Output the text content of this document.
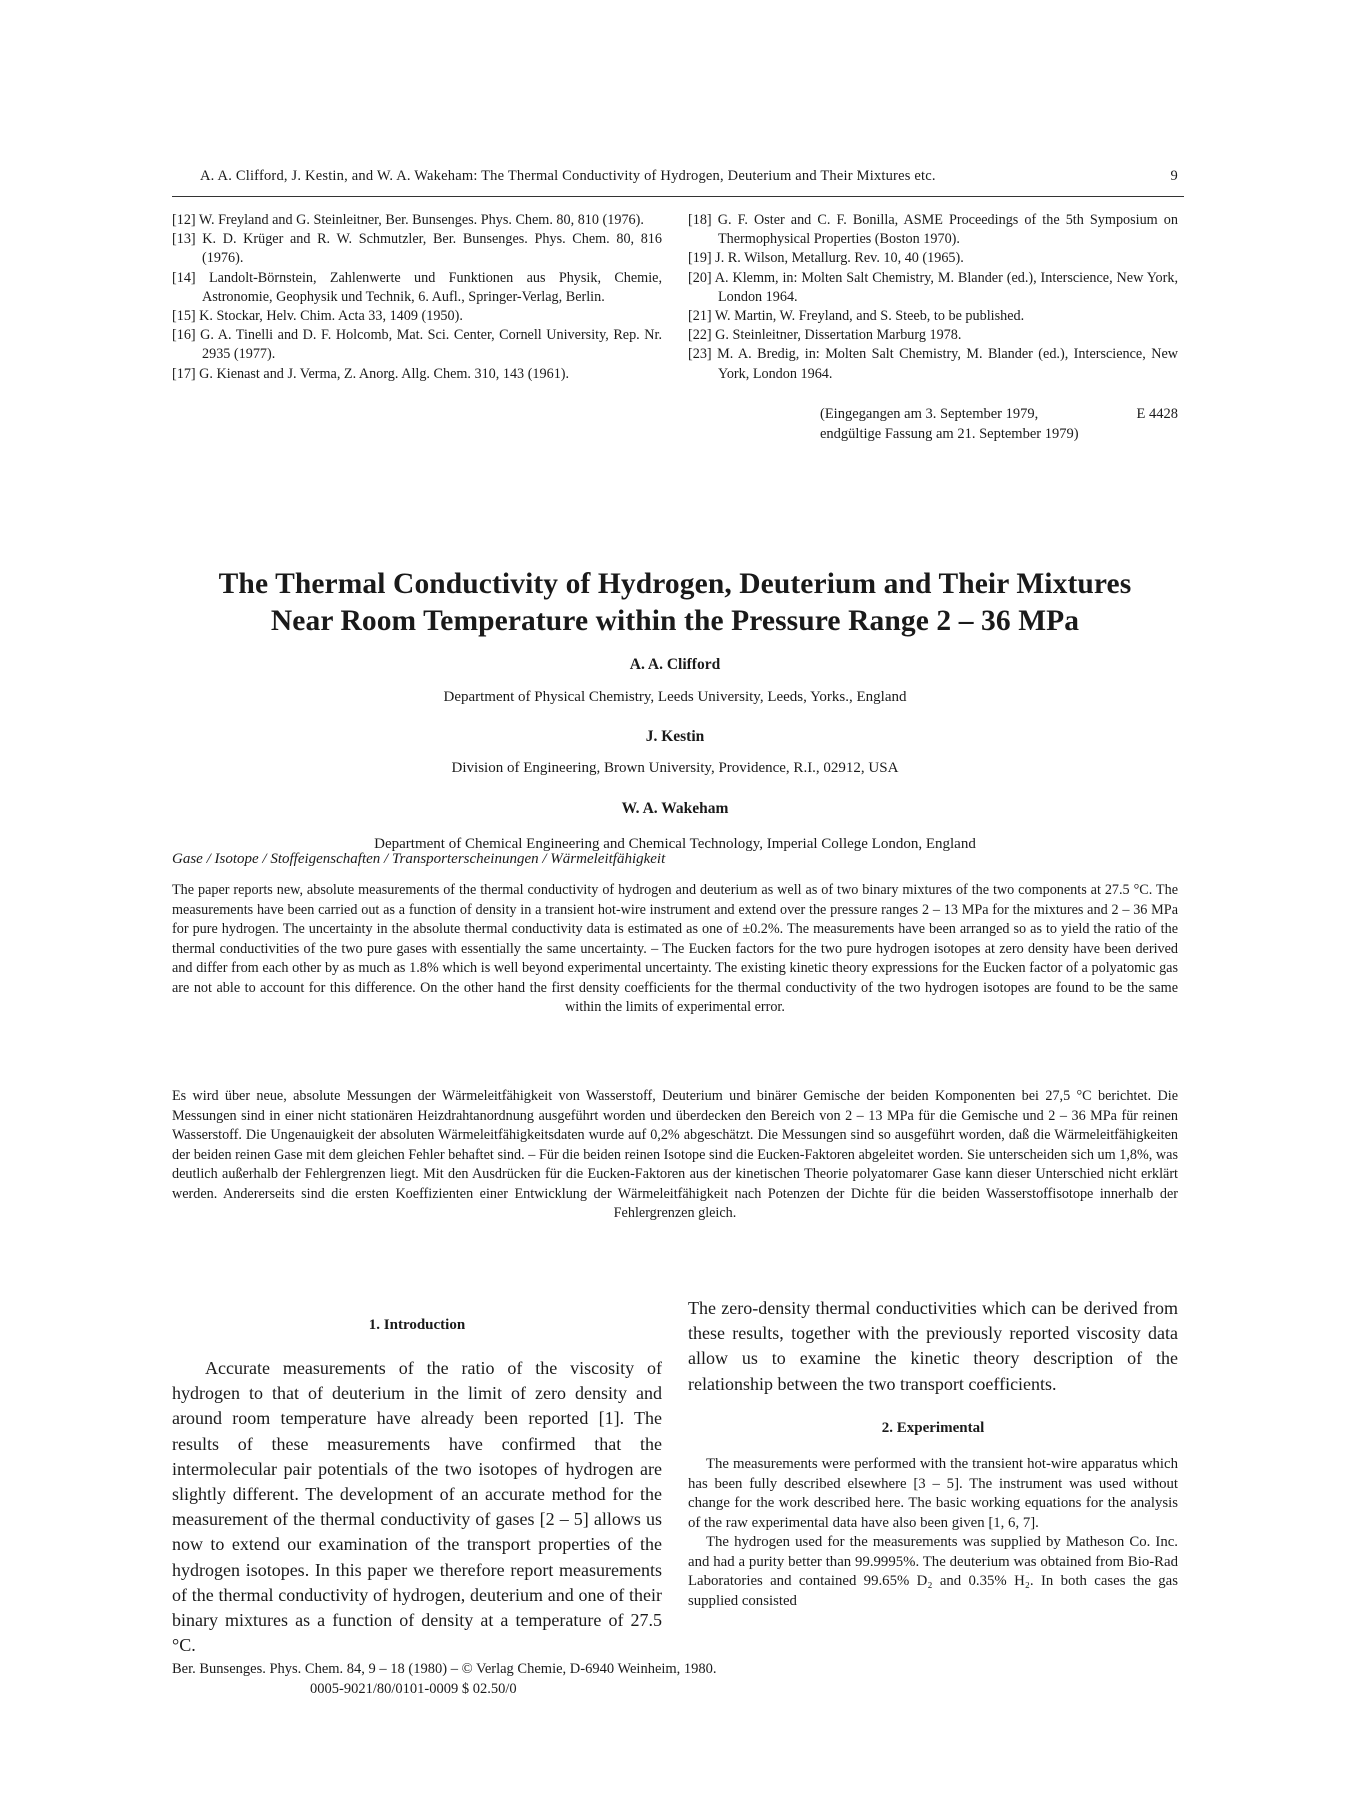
A. A. Clifford, J. Kestin, and W. A. Wakeham: The Thermal Conductivity of Hydrogen, Deuterium and Their Mixtures etc.	9
[12] W. Freyland and G. Steinleitner, Ber. Bunsenges. Phys. Chem. 80, 810 (1976).
[13] K. D. Krüger and R. W. Schmutzler, Ber. Bunsenges. Phys. Chem. 80, 816 (1976).
[14] Landolt-Börnstein, Zahlenwerte und Funktionen aus Physik, Chemie, Astronomie, Geophysik und Technik, 6. Aufl., Springer-Verlag, Berlin.
[15] K. Stockar, Helv. Chim. Acta 33, 1409 (1950).
[16] G. A. Tinelli and D. F. Holcomb, Mat. Sci. Center, Cornell University, Rep. Nr. 2935 (1977).
[17] G. Kienast and J. Verma, Z. Anorg. Allg. Chem. 310, 143 (1961).
[18] G. F. Oster and C. F. Bonilla, ASME Proceedings of the 5th Symposium on Thermophysical Properties (Boston 1970).
[19] J. R. Wilson, Metallurg. Rev. 10, 40 (1965).
[20] A. Klemm, in: Molten Salt Chemistry, M. Blander (ed.), Interscience, New York, London 1964.
[21] W. Martin, W. Freyland, and S. Steeb, to be published.
[22] G. Steinleitner, Dissertation Marburg 1978.
[23] M. A. Bredig, in: Molten Salt Chemistry, M. Blander (ed.), Interscience, New York, London 1964.
(Eingegangen am 3. September 1979,	E 4428
endgültige Fassung am 21. September 1979)
The Thermal Conductivity of Hydrogen, Deuterium and Their Mixtures
Near Room Temperature within the Pressure Range 2 – 36 MPa
A. A. Clifford
Department of Physical Chemistry, Leeds University, Leeds, Yorks., England
J. Kestin
Division of Engineering, Brown University, Providence, R.I., 02912, USA
W. A. Wakeham
Department of Chemical Engineering and Chemical Technology, Imperial College London, England
Gase / Isotope / Stoffeigenschaften / Transporterscheinungen / Wärmeleitfähigkeit
The paper reports new, absolute measurements of the thermal conductivity of hydrogen and deuterium as well as of two binary mixtures of the two components at 27.5 °C. The measurements have been carried out as a function of density in a transient hot-wire instrument and extend over the pressure ranges 2 – 13 MPa for the mixtures and 2 – 36 MPa for pure hydrogen. The uncertainty in the absolute thermal conductivity data is estimated as one of ±0.2%. The measurements have been arranged so as to yield the ratio of the thermal conductivities of the two pure gases with essentially the same uncertainty. – The Eucken factors for the two pure hydrogen isotopes at zero density have been derived and differ from each other by as much as 1.8% which is well beyond experimental uncertainty. The existing kinetic theory expressions for the Eucken factor of a polyatomic gas are not able to account for this difference. On the other hand the first density coefficients for the thermal conductivity of the two hydrogen isotopes are found to be the same within the limits of experimental error.
Es wird über neue, absolute Messungen der Wärmeleitfähigkeit von Wasserstoff, Deuterium und binärer Gemische der beiden Komponenten bei 27,5 °C berichtet. Die Messungen sind in einer nicht stationären Heizdrahtanordnung ausgeführt worden und überdecken den Bereich von 2 – 13 MPa für die Gemische und 2 – 36 MPa für reinen Wasserstoff. Die Ungenauigkeit der absoluten Wärmeleitfähigkeitsdaten wurde auf 0,2% abgeschätzt. Die Messungen sind so ausgeführt worden, daß die Wärmeleitfähigkeiten der beiden reinen Gase mit dem gleichen Fehler behaftet sind. – Für die beiden reinen Isotope sind die Eucken-Faktoren abgeleitet worden. Sie unterscheiden sich um 1,8%, was deutlich außerhalb der Fehlergrenzen liegt. Mit den Ausdrücken für die Eucken-Faktoren aus der kinetischen Theorie polyatomarer Gase kann dieser Unterschied nicht erklärt werden. Andererseits sind die ersten Koeffizienten einer Entwicklung der Wärmeleitfähigkeit nach Potenzen der Dichte für die beiden Wasserstoffisotope innerhalb der Fehlergrenzen gleich.
1. Introduction
Accurate measurements of the ratio of the viscosity of hydrogen to that of deuterium in the limit of zero density and around room temperature have already been reported [1]. The results of these measurements have confirmed that the intermolecular pair potentials of the two isotopes of hydrogen are slightly different. The development of an accurate method for the measurement of the thermal conductivity of gases [2 – 5] allows us now to extend our examination of the transport properties of the hydrogen isotopes. In this paper we therefore report measurements of the thermal conductivity of hydrogen, deuterium and one of their binary mixtures as a function of density at a temperature of 27.5 °C.
The zero-density thermal conductivities which can be derived from these results, together with the previously reported viscosity data allow us to examine the kinetic theory description of the relationship between the two transport coefficients.
2. Experimental
The measurements were performed with the transient hot-wire apparatus which has been fully described elsewhere [3 – 5]. The instrument was used without change for the work described here. The basic working equations for the analysis of the raw experimental data have also been given [1, 6, 7].
The hydrogen used for the measurements was supplied by Matheson Co. Inc. and had a purity better than 99.9995%. The deuterium was obtained from Bio-Rad Laboratories and contained 99.65% D₂ and 0.35% H₂. In both cases the gas supplied consisted
Ber. Bunsenges. Phys. Chem. 84, 9 – 18 (1980) – © Verlag Chemie, D-6940 Weinheim, 1980.
0005-9021/80/0101-0009 $ 02.50/0
